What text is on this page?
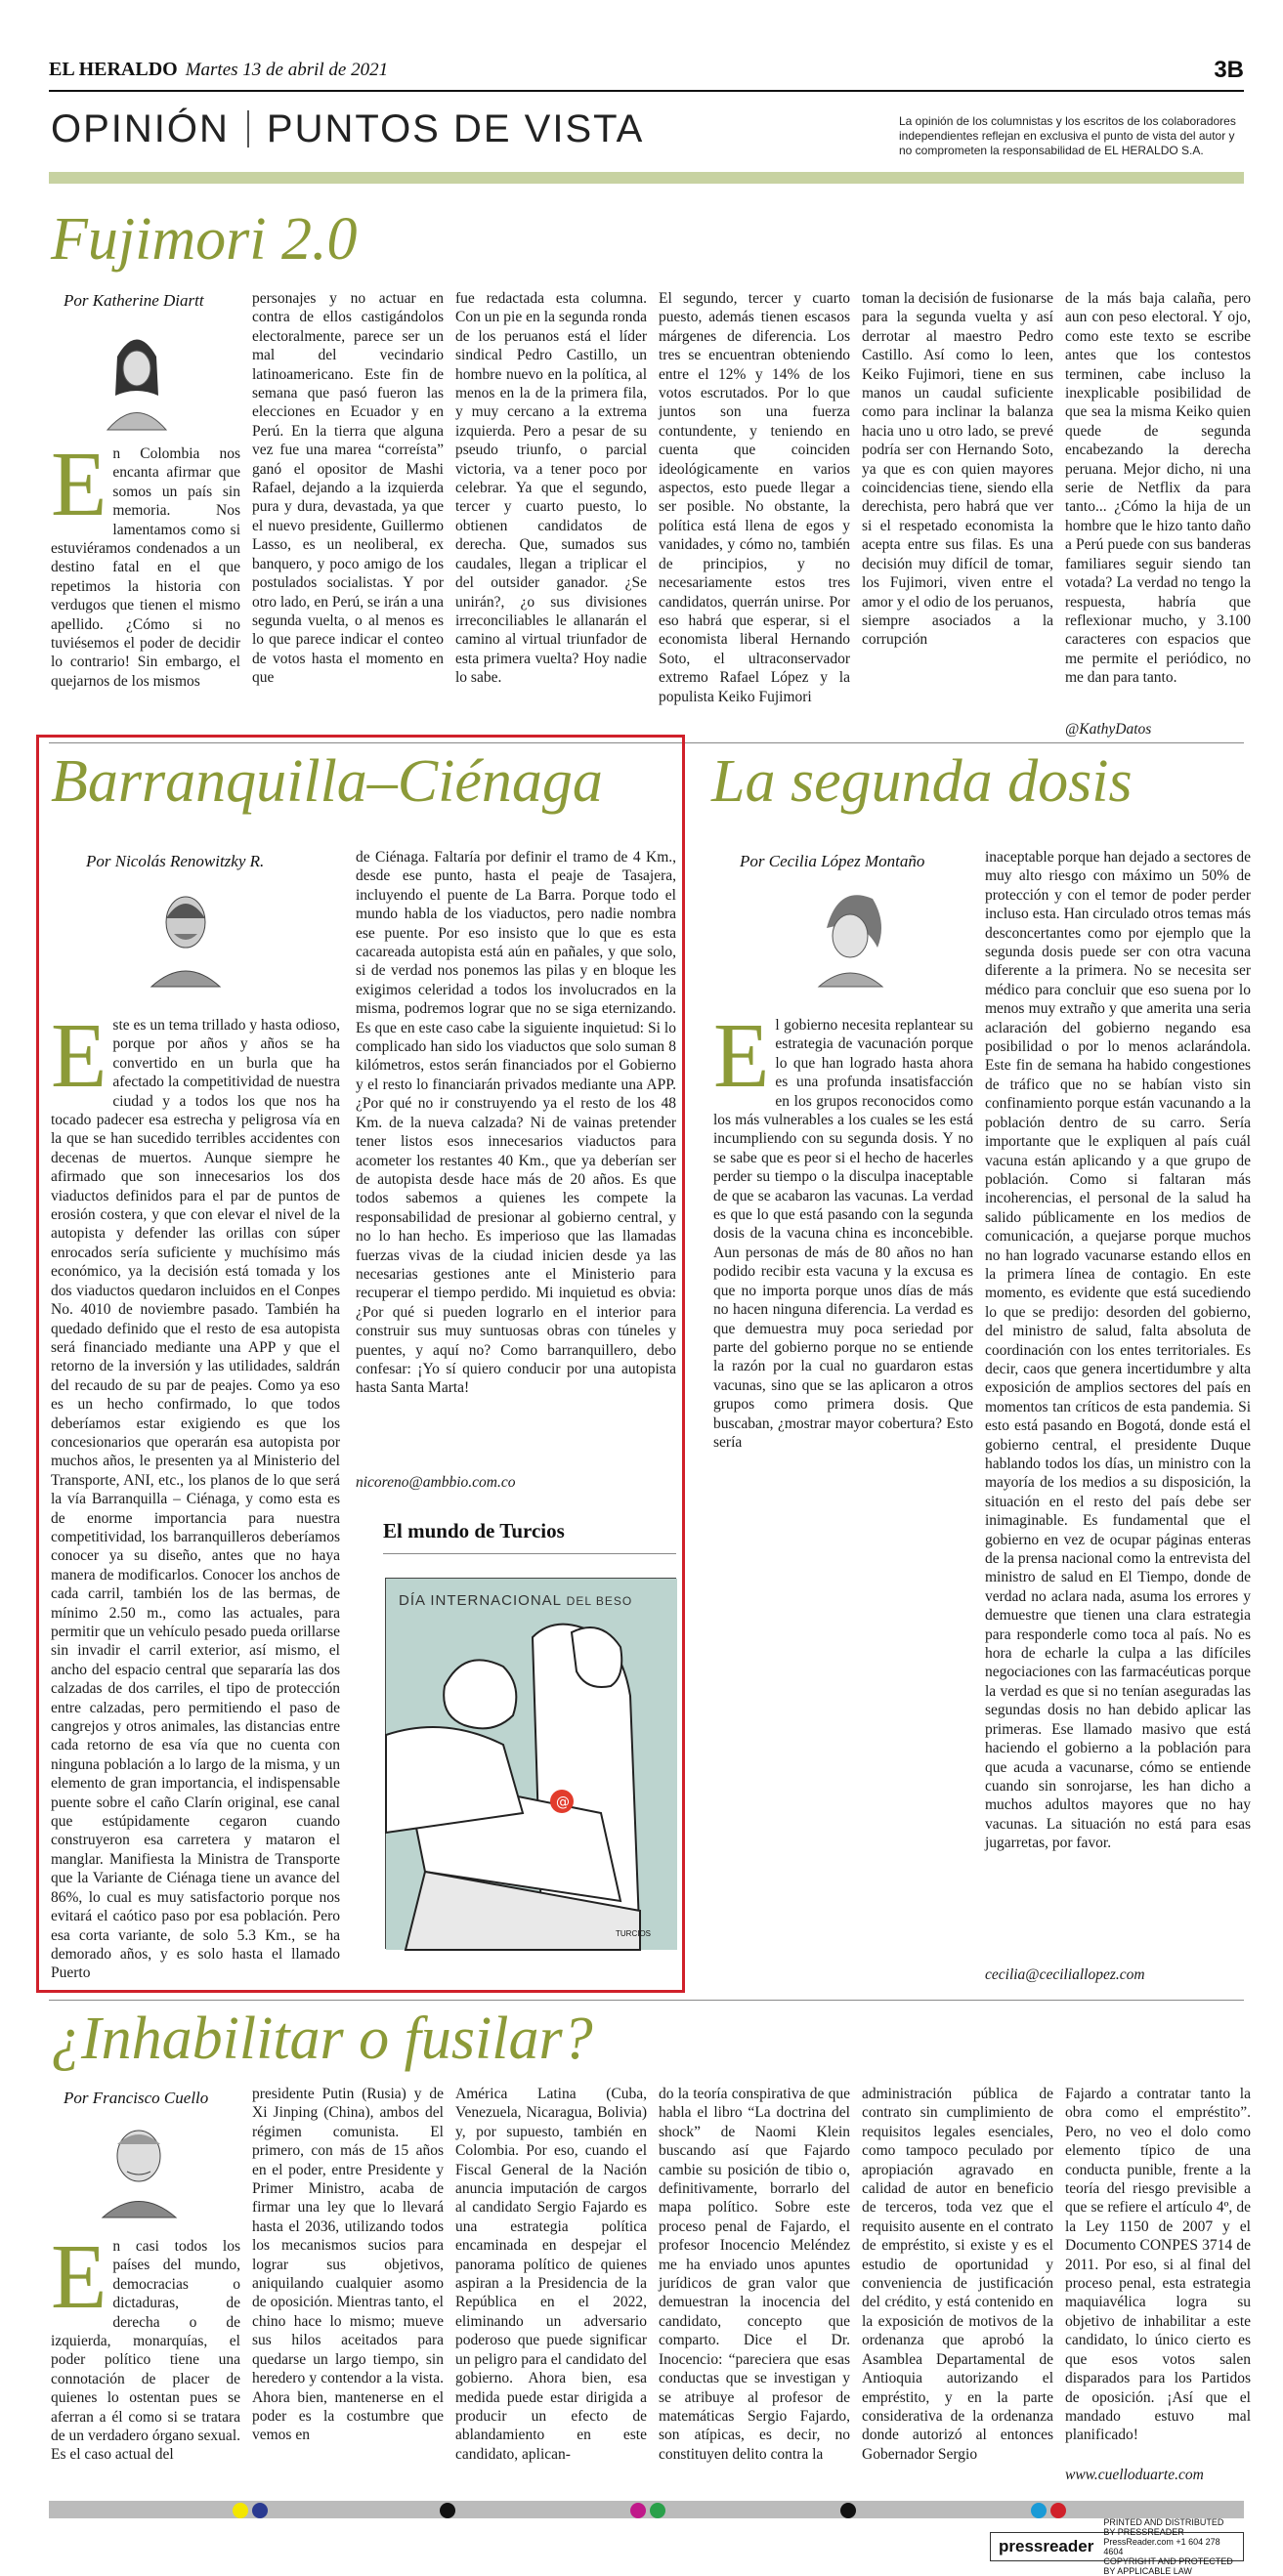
EL HERALDO Martes 13 de abril de 2021	3B
OPINIÓN PUNTOS DE VISTA	La opinión de los columnistas y los escritos de los colaboradores independientes reflejan en exclusiva el punto de vista del autor y no comprometen la responsabilidad de EL HERALDO S.A.
Fujimori 2.0
Por Katherine Diartt
En Colombia nos encanta afirmar que somos un país sin memoria. Nos lamentamos como si estuviéramos condenados a un destino fatal en el que repetimos la historia con verdugos que tienen el mismo apellido. ¿Cómo si no tuviésemos el poder de decidir lo contrario! Sin embargo, el quejarnos de los mismos
personajes y no actuar en contra de ellos castigándolos electoralmente, parece ser un mal del vecindario latinoamericano. Este fin de semana que pasó fueron las elecciones en Ecuador y en Perú. En la tierra que alguna vez fue una marea “correísta” ganó el opositor de Mashi Rafael, dejando a la izquierda pura y dura, devastada, ya que el nuevo presidente, Guillermo Lasso, es un neoliberal, ex banquero, y poco amigo de los postulados socialistas. Y por otro lado, en Perú, se irán a una segunda vuelta, o al menos es lo que parece indicar el conteo de votos hasta el momento en que
fue redactada esta columna. Con un pie en la segunda ronda de los peruanos está el líder sindical Pedro Castillo, un hombre nuevo en la política, al menos en la de la primera fila, y muy cercano a la extrema izquierda. Pero a pesar de su pseudo triunfo, o parcial victoria, va a tener poco por celebrar. Ya que el segundo, tercer y cuarto puesto, lo obtienen candidatos de derecha. Que, sumados sus caudales, llegan a triplicar el del outsider ganador. ¿Se unirán?, ¿o sus divisiones irreconciliables le allanarán el camino al virtual triunfador de esta primera vuelta? Hoy nadie lo sabe.
El segundo, tercer y cuarto puesto, además tienen escasos márgenes de diferencia. Los tres se encuentran obteniendo entre el 12% y 14% de los votos escrutados. Por lo que juntos son una fuerza contundente, y teniendo en cuenta que coinciden ideológicamente en varios aspectos, esto puede llegar a ser posible. No obstante, la política está llena de egos y vanidades, y cómo no, también de principios, y no necesariamente estos tres candidatos, querrán unirse. Por eso habrá que esperar, si el economista liberal Hernando Soto, el ultraconservador extremo Rafael López y la populista Keiko Fujimori
toman la decisión de fusionarse para la segunda vuelta y así derrotar al maestro Pedro Castillo. Así como lo leen, Keiko Fujimori, tiene en sus manos un caudal suficiente como para inclinar la balanza hacia uno u otro lado, se prevé podría ser con Hernando Soto, ya que es con quien mayores coincidencias tiene, siendo ella derechista, pero habrá que ver si el respetado economista la acepta entre sus filas. Es una decisión muy difícil de tomar, los Fujimori, viven entre el amor y el odio de los peruanos, siempre asociados a la corrupción
de la más baja calaña, pero aun con peso electoral. Y ojo, como este texto se escribe antes que los contestos terminen, cabe incluso la inexplicable posibilidad de que sea la misma Keiko quien quede de segunda encabezando la derecha peruana. Mejor dicho, ni una serie de Netflix da para tanto... ¿Cómo la hija de un hombre que le hizo tanto daño a Perú puede con sus banderas familiares seguir siendo tan votada? La verdad no tengo la respuesta, habría que reflexionar mucho, y 3.100 caracteres con espacios que me permite el periódico, no me dan para tanto.
@KathyDatos
Barranquilla–Ciénaga
Por Nicolás Renowitzky R.
Este es un tema trillado y hasta odioso, porque por años y años se ha convertido en un burla que ha afectado la competitividad de nuestra ciudad y a todos los que nos ha tocado padecer esa estrecha y peligrosa vía en la que se han sucedido terribles accidentes con decenas de muertos. Aunque siempre he afirmado que son innecesarios los dos viaductos definidos para el par de puntos de erosión costera, y que con elevar el nivel de la autopista y defender las orillas con súper enrocados sería suficiente y muchísimo más económico, ya la decisión está tomada y los dos viaductos quedaron incluidos en el Conpes No. 4010 de noviembre pasado. También ha quedado definido que el resto de esa autopista será financiado mediante una APP y que el retorno de la inversión y las utilidades, saldrán del recaudo de su par de peajes. Como ya eso es un hecho confirmado, lo que todos deberíamos estar exigiendo es que los concesionarios que operarán esa autopista por muchos años, le presenten ya al Ministerio del Transporte, ANI, etc., los planos de lo que será la vía Barranquilla – Ciénaga, y como esta es de enorme importancia para nuestra competitividad, los barranquilleros deberíamos conocer ya su diseño, antes que no haya manera de modificarlos. Conocer los anchos de cada carril, también los de las bermas, de mínimo 2.50 m., como las actuales, para permitir que un vehículo pesado pueda orillarse sin invadir el carril exterior, así mismo, el ancho del espacio central que separaría las dos calzadas de dos carriles, el tipo de protección entre calzadas, pero permitiendo el paso de cangrejos y otros animales, las distancias entre cada retorno de esa vía que no cuenta con ninguna población a lo largo de la misma, y un elemento de gran importancia, el indispensable puente sobre el caño Clarín original, ese canal que estúpidamente cegaron cuando construyeron esa carretera y mataron el manglar. Manifiesta la Ministra de Transporte que la Variante de Ciénaga tiene un avance del 86%, lo cual es muy satisfactorio porque nos evitará el caótico paso por esa población. Pero esa corta variante, de solo 5.3 Km., se ha demorado años, y es solo hasta el llamado Puerto
de Ciénaga. Faltaría por definir el tramo de 4 Km., desde ese punto, hasta el peaje de Tasajera, incluyendo el puente de La Barra. Porque todo el mundo habla de los viaductos, pero nadie nombra ese puente. Por eso insisto que lo que es esta cacareada autopista está aún en pañales, y que solo, si de verdad nos ponemos las pilas y en bloque les exigimos celeridad a todos los involucrados en la misma, podremos lograr que no se siga eternizando. Es que en este caso cabe la siguiente inquietud: Si lo complicado han sido los viaductos que solo suman 8 kilómetros, estos serán financiados por el Gobierno y el resto lo financiarán privados mediante una APP. ¿Por qué no ir construyendo ya el resto de los 48 Km. de la nueva calzada? Ni de vainas pretender tener listos esos innecesarios viaductos para acometer los restantes 40 Km., que ya deberían ser de autopista desde hace más de 20 años. Es que todos sabemos a quienes les compete la responsabilidad de presionar al gobierno central, y no lo han hecho. Es imperioso que las llamadas fuerzas vivas de la ciudad inicien desde ya las necesarias gestiones ante el Ministerio para recuperar el tiempo perdido. Mi inquietud es obvia: ¿Por qué si pueden lograrlo en el interior para construir sus muy suntuosas obras con túneles y puentes, y aquí no? Como barranquillero, debo confesar: ¡Yo sí quiero conducir por una autopista hasta Santa Marta!
nicoreno@ambbio.com.co
El mundo de Turcios
@
DÍA INTERNACIONAL DEL BESO
TURCIOS
La segunda dosis
Por Cecilia López Montaño
El gobierno necesita replantear su estrategia de vacunación porque lo que han logrado hasta ahora es una profunda insatisfacción en los grupos reconocidos como los más vulnerables a los cuales se les está incumpliendo con su segunda dosis. Y no se sabe que es peor si el hecho de hacerles perder su tiempo o la disculpa inaceptable de que se acabaron las vacunas. La verdad es que lo que está pasando con la segunda dosis de la vacuna china es inconcebible. Aun personas de más de 80 años no han podido recibir esta vacuna y la excusa es que no importa porque unos días de más no hacen ninguna diferencia. La verdad es que demuestra muy poca seriedad por parte del gobierno porque no se entiende la razón por la cual no guardaron estas vacunas, sino que se las aplicaron a otros grupos como primera dosis. Que buscaban, ¿mostrar mayor cobertura? Esto sería
inaceptable porque han dejado a sectores de muy alto riesgo con máximo un 50% de protección y con el temor de poder perder incluso esta. Han circulado otros temas más desconcertantes como por ejemplo que la segunda dosis puede ser con otra vacuna diferente a la primera. No se necesita ser médico para concluir que eso suena por lo menos muy extraño y que amerita una seria aclaración del gobierno negando esa posibilidad o por lo menos aclarándola. Este fin de semana ha habido congestiones de tráfico que no se habían visto sin confinamiento porque están vacunando a la población dentro de su carro. Sería importante que le expliquen al país cuál vacuna están aplicando y a que grupo de población. Como si faltaran más incoherencias, el personal de la salud ha salido públicamente en los medios de comunicación, a quejarse porque muchos no han logrado vacunarse estando ellos en la primera línea de contagio. En este momento, es evidente que está sucediendo lo que se predijo: desorden del gobierno, del ministro de salud, falta absoluta de coordinación con los entes territoriales. Es decir, caos que genera incertidumbre y alta exposición de amplios sectores del país en momentos tan críticos de esta pandemia. Si esto está pasando en Bogotá, donde está el gobierno central, el presidente Duque hablando todos los días, un ministro con la mayoría de los medios a su disposición, la situación en el resto del país debe ser inimaginable. Es fundamental que el gobierno en vez de ocupar páginas enteras de la prensa nacional como la entrevista del ministro de salud en El Tiempo, donde de verdad no aclara nada, asuma los errores y demuestre que tienen una clara estrategia para responderle como toca al país. No es hora de echarle la culpa a las difíciles negociaciones con las farmacéuticas porque la verdad es que si no tenían aseguradas las segundas dosis no han debido aplicar las primeras. Ese llamado masivo que está haciendo el gobierno a la población para que acuda a vacunarse, cómo se entiende cuando sin sonrojarse, les han dicho a muchos adultos mayores que no hay vacunas. La situación no está para esas jugarretas, por favor.
cecilia@ceciliallopez.com
¿Inhabilitar o fusilar?
Por Francisco Cuello
En casi todos los países del mundo, democracias o dictaduras, de derecha o de izquierda, monarquías, el poder político tiene una connotación de placer de quienes lo ostentan pues se aferran a él como si se tratara de un verdadero órgano sexual. Es el caso actual del
presidente Putin (Rusia) y de Xi Jinping (China), ambos del régimen comunista. El primero, con más de 15 años en el poder, entre Presidente y Primer Ministro, acaba de firmar una ley que lo llevará hasta el 2036, utilizando todos los mecanismos sucios para lograr sus objetivos, aniquilando cualquier asomo de oposición. Mientras tanto, el chino hace lo mismo; mueve sus hilos aceitados para quedarse un largo tiempo, sin heredero y contendor a la vista. Ahora bien, mantenerse en el poder es la costumbre que vemos en
América Latina (Cuba, Venezuela, Nicaragua, Bolivia) y, por supuesto, también en Colombia. Por eso, cuando el Fiscal General de la Nación anuncia imputación de cargos al candidato Sergio Fajardo es una estrategia política encaminada en despejar el panorama político de quienes aspiran a la Presidencia de la República en el 2022, eliminando un adversario poderoso que puede significar un peligro para el candidato del gobierno. Ahora bien, esa medida puede estar dirigida a producir un efecto de ablandamiento en este candidato, aplican-
do la teoría conspirativa de que habla el libro “La doctrina del shock” de Naomi Klein buscando así que Fajardo cambie su posición de tibio o, definitivamente, borrarlo del mapa político. Sobre este proceso penal de Fajardo, el profesor Inocencio Meléndez me ha enviado unos apuntes jurídicos de gran valor que demuestran la inocencia del candidato, concepto que comparto. Dice el Dr. Inocencio: “pareciera que esas conductas que se investigan y se atribuye al profesor de matemáticas Sergio Fajardo, son atípicas, es decir, no constituyen delito contra la
administración pública de contrato sin cumplimiento de requisitos legales esenciales, como tampoco peculado por apropiación agravado en calidad de autor en beneficio de terceros, toda vez que el requisito ausente en el contrato de empréstito, si existe y es el estudio de oportunidad y conveniencia de justificación del crédito, y está contenido en la exposición de motivos de la ordenanza que aprobó la Asamblea Departamental de Antioquia autorizando el empréstito, y en la parte considerativa de la ordenanza donde autorizó al entonces Gobernador Sergio
Fajardo a contratar tanto la obra como el empréstito”. Pero, no veo el dolo como elemento típico de una conducta punible, frente a la teoría del riesgo previsible a que se refiere el artículo 4º, de la Ley 1150 de 2007 y el Documento CONPES 3714 de 2011. Por eso, si al final del proceso penal, esta estrategia maquiavélica logra su objetivo de inhabilitar a este candidato, lo único cierto es que esos votos salen disparados para los Partidos de oposición. ¡Así que el mandado estuvo mal planificado!
www.cuelloduarte.com
pressreader
PRINTED AND DISTRIBUTED BY PRESSREADER
PressReader.com +1 604 278 4604
COPYRIGHT AND PROTECTED BY APPLICABLE LAW
